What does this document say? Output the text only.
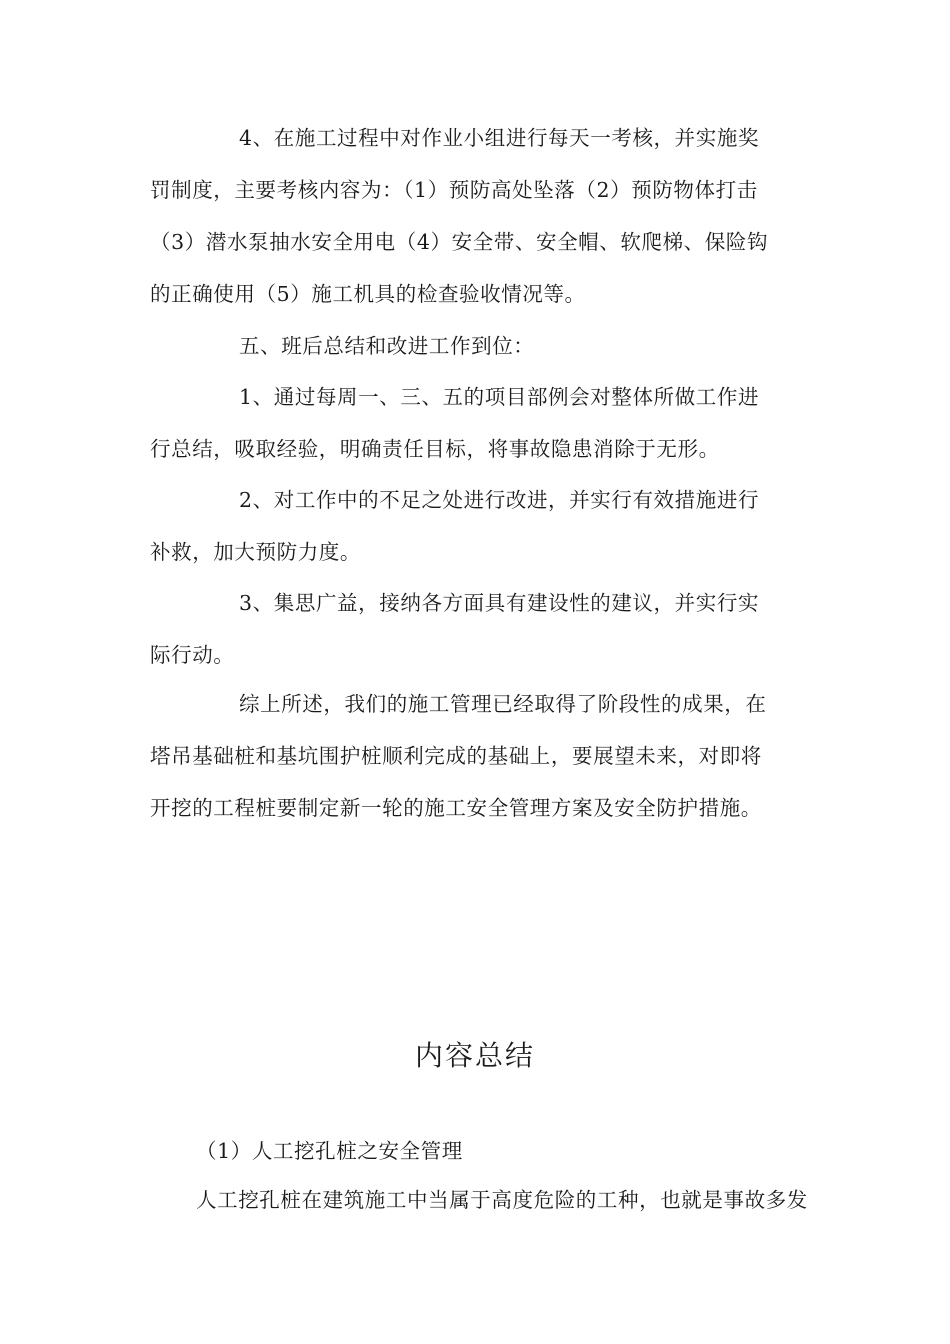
4、在施工过程中对作业小组进行每天一考核，并实施奖
罚制度，主要考核内容为：（1）预防高处坠落（2）预防物体打击
（3）潜水泵抽水安全用电（4）安全带、安全帽、软爬梯、保险钩
的正确使用（5）施工机具的检查验收情况等。
五、班后总结和改进工作到位：
1、通过每周一、三、五的项目部例会对整体所做工作进
行总结，吸取经验，明确责任目标，将事故隐患消除于无形。
2、对工作中的不足之处进行改进，并实行有效措施进行
补救，加大预防力度。
3、集思广益，接纳各方面具有建设性的建议，并实行实
际行动。
综上所述，我们的施工管理已经取得了阶段性的成果，在
塔吊基础桩和基坑围护桩顺利完成的基础上，要展望未来，对即将
开挖的工程桩要制定新一轮的施工安全管理方案及安全防护措施。
内容总结
（1）人工挖孔桩之安全管理
人工挖孔桩在建筑施工中当属于高度危险的工种，也就是事故多发
